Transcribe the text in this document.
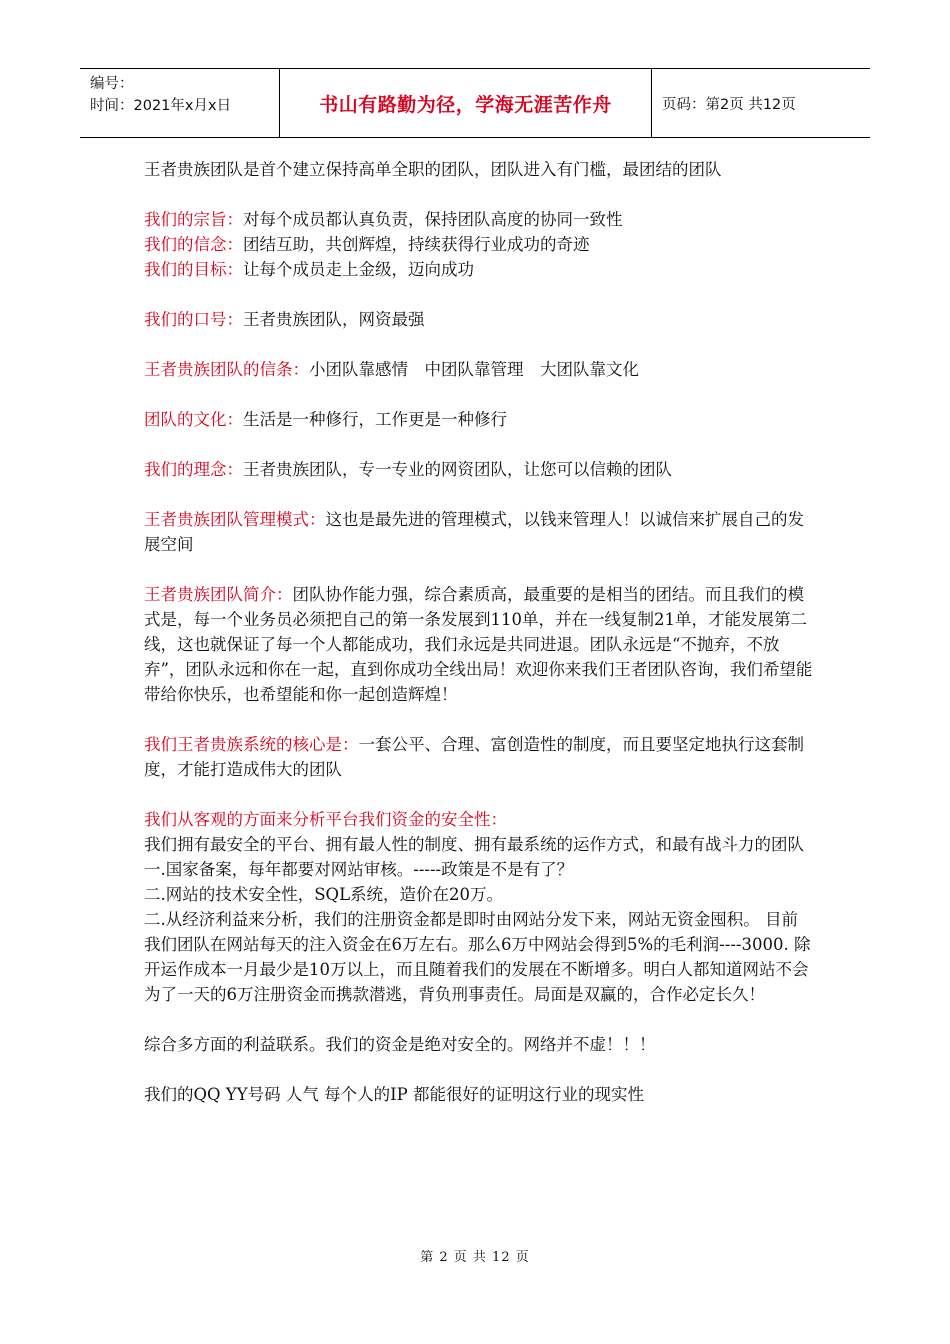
编号：
时间：2021年x月x日	书山有路勤为径，学海无涯苦作舟	页码：第2页 共12页

王者贵族团队是首个建立保持高单全职的团队，团队进入有门槛，最团结的团队

我们的宗旨：对每个成员都认真负责，保持团队高度的协同一致性

我们的信念：团结互助，共创辉煌，持续获得行业成功的奇迹

我们的目标：让每个成员走上金级，迈向成功

我们的口号：王者贵族团队，网资最强

王者贵族团队的信条：小团队靠感情　中团队靠管理　大团队靠文化

团队的文化：生活是一种修行，工作更是一种修行

我们的理念：王者贵族团队，专一专业的网资团队，让您可以信赖的团队

王者贵族团队管理模式：这也是最先进的管理模式，以钱来管理人！以诚信来扩展自己的发展空间

王者贵族团队简介：团队协作能力强，综合素质高，最重要的是相当的团结。而且我们的模式是，每一个业务员必须把自己的第一条发展到110单，并在一线复制21单，才能发展第二线，这也就保证了每一个人都能成功，我们永远是共同进退。团队永远是“不抛弃，不放弃”，团队永远和你在一起，直到你成功全线出局！欢迎你来我们王者团队咨询，我们希望能带给你快乐，也希望能和你一起创造辉煌！

我们王者贵族系统的核心是：一套公平、合理、富创造性的制度，而且要坚定地执行这套制度，才能打造成伟大的团队

我们从客观的方面来分析平台我们资金的安全性：

我们拥有最安全的平台、拥有最人性的制度、拥有最系统的运作方式，和最有战斗力的团队

一.国家备案，每年都要对网站审核。-----政策是不是有了？

二.网站的技术安全性，SQL系统，造价在20万。

二.从经济利益来分析，我们的注册资金都是即时由网站分发下来，网站无资金囤积。 目前我们团队在网站每天的注入资金在6万左右。那么6万中网站会得到5%的毛利润----3000. 除开运作成本一月最少是10万以上，而且随着我们的发展在不断增多。明白人都知道网站不会为了一天的6万注册资金而携款潜逃，背负刑事责任。局面是双赢的，合作必定长久！

综合多方面的利益联系。我们的资金是绝对安全的。网络并不虚！！！

我们的QQ YY号码 人气 每个人的IP 都能很好的证明这行业的现实性

第 2 页 共 12 页
